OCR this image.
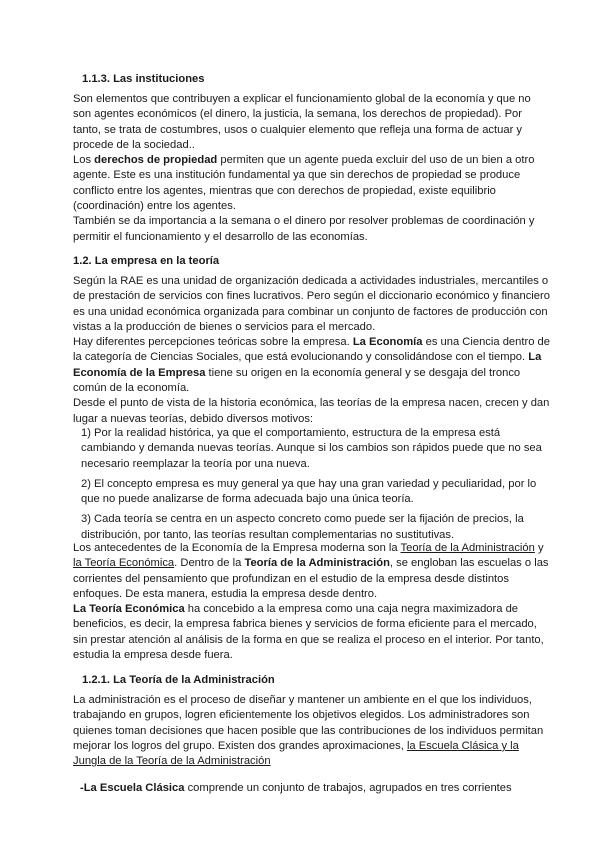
1.1.3. Las instituciones

Son elementos que contribuyen a explicar el funcionamiento global de la economía y que no son agentes económicos (el dinero, la justicia, la semana, los derechos de propiedad). Por tanto, se trata de costumbres, usos o cualquier elemento que refleja una forma de actuar y procede de la sociedad..

Los derechos de propiedad permiten que un agente pueda excluir del uso de un bien a otro agente. Este es una institución fundamental ya que sin derechos de propiedad se produce conflicto entre los agentes, mientras que con derechos de propiedad, existe equilibrio (coordinación) entre los agentes.

También se da importancia a la semana o el dinero por resolver problemas de coordinación y permitir el funcionamiento y el desarrollo de las economías.

1.2. La empresa en la teoría

Según la RAE es una unidad de organización dedicada a actividades industriales, mercantiles o de prestación de servicios con fines lucrativos. Pero según el diccionario económico y financiero es una unidad económica organizada para combinar un conjunto de factores de producción con vistas a la producción de bienes o servicios para el mercado.

Hay diferentes percepciones teóricas sobre la empresa. La Economía es una Ciencia dentro de la categoría de Ciencias Sociales, que está evolucionando y consolidándose con el tiempo. La Economía de la Empresa tiene su origen en la economía general y se desgaja del tronco común de la economía.

Desde el punto de vista de la historia económica, las teorías de la empresa nacen, crecen y dan lugar a nuevas teorías, debido diversos motivos:

1) Por la realidad histórica, ya que el comportamiento, estructura de la empresa está cambiando y demanda nuevas teorías. Aunque si los cambios son rápidos puede que no sea necesario reemplazar la teoría por una nueva.

2) El concepto empresa es muy general ya que hay una gran variedad y peculiaridad, por lo que no puede analizarse de forma adecuada bajo una única teoría.

3) Cada teoría se centra en un aspecto concreto como puede ser la fijación de precios, la distribución, por tanto, las teorías resultan complementarias no sustitutivas.

Los antecedentes de la Economía de la Empresa moderna son la Teoría de la Administración y la Teoría Económica. Dentro de la Teoría de la Administración, se engloban las escuelas o las corrientes del pensamiento que profundizan en el estudio de la empresa desde distintos enfoques. De esta manera, estudia la empresa desde dentro.

La Teoría Económica ha concebido a la empresa como una caja negra maximizadora de beneficios, es decir, la empresa fabrica bienes y servicios de forma eficiente para el mercado, sin prestar atención al análisis de la forma en que se realiza el proceso en el interior. Por tanto, estudia la empresa desde fuera.

1.2.1. La Teoría de la Administración

La administración es el proceso de diseñar y mantener un ambiente en el que los individuos, trabajando en grupos, logren eficientemente los objetivos elegidos. Los administradores son quienes toman decisiones que hacen posible que las contribuciones de los individuos permitan mejorar los logros del grupo. Existen dos grandes aproximaciones, la Escuela Clásica y la Jungla de la Teoría de la Administración

-La Escuela Clásica comprende un conjunto de trabajos, agrupados en tres corrientes
